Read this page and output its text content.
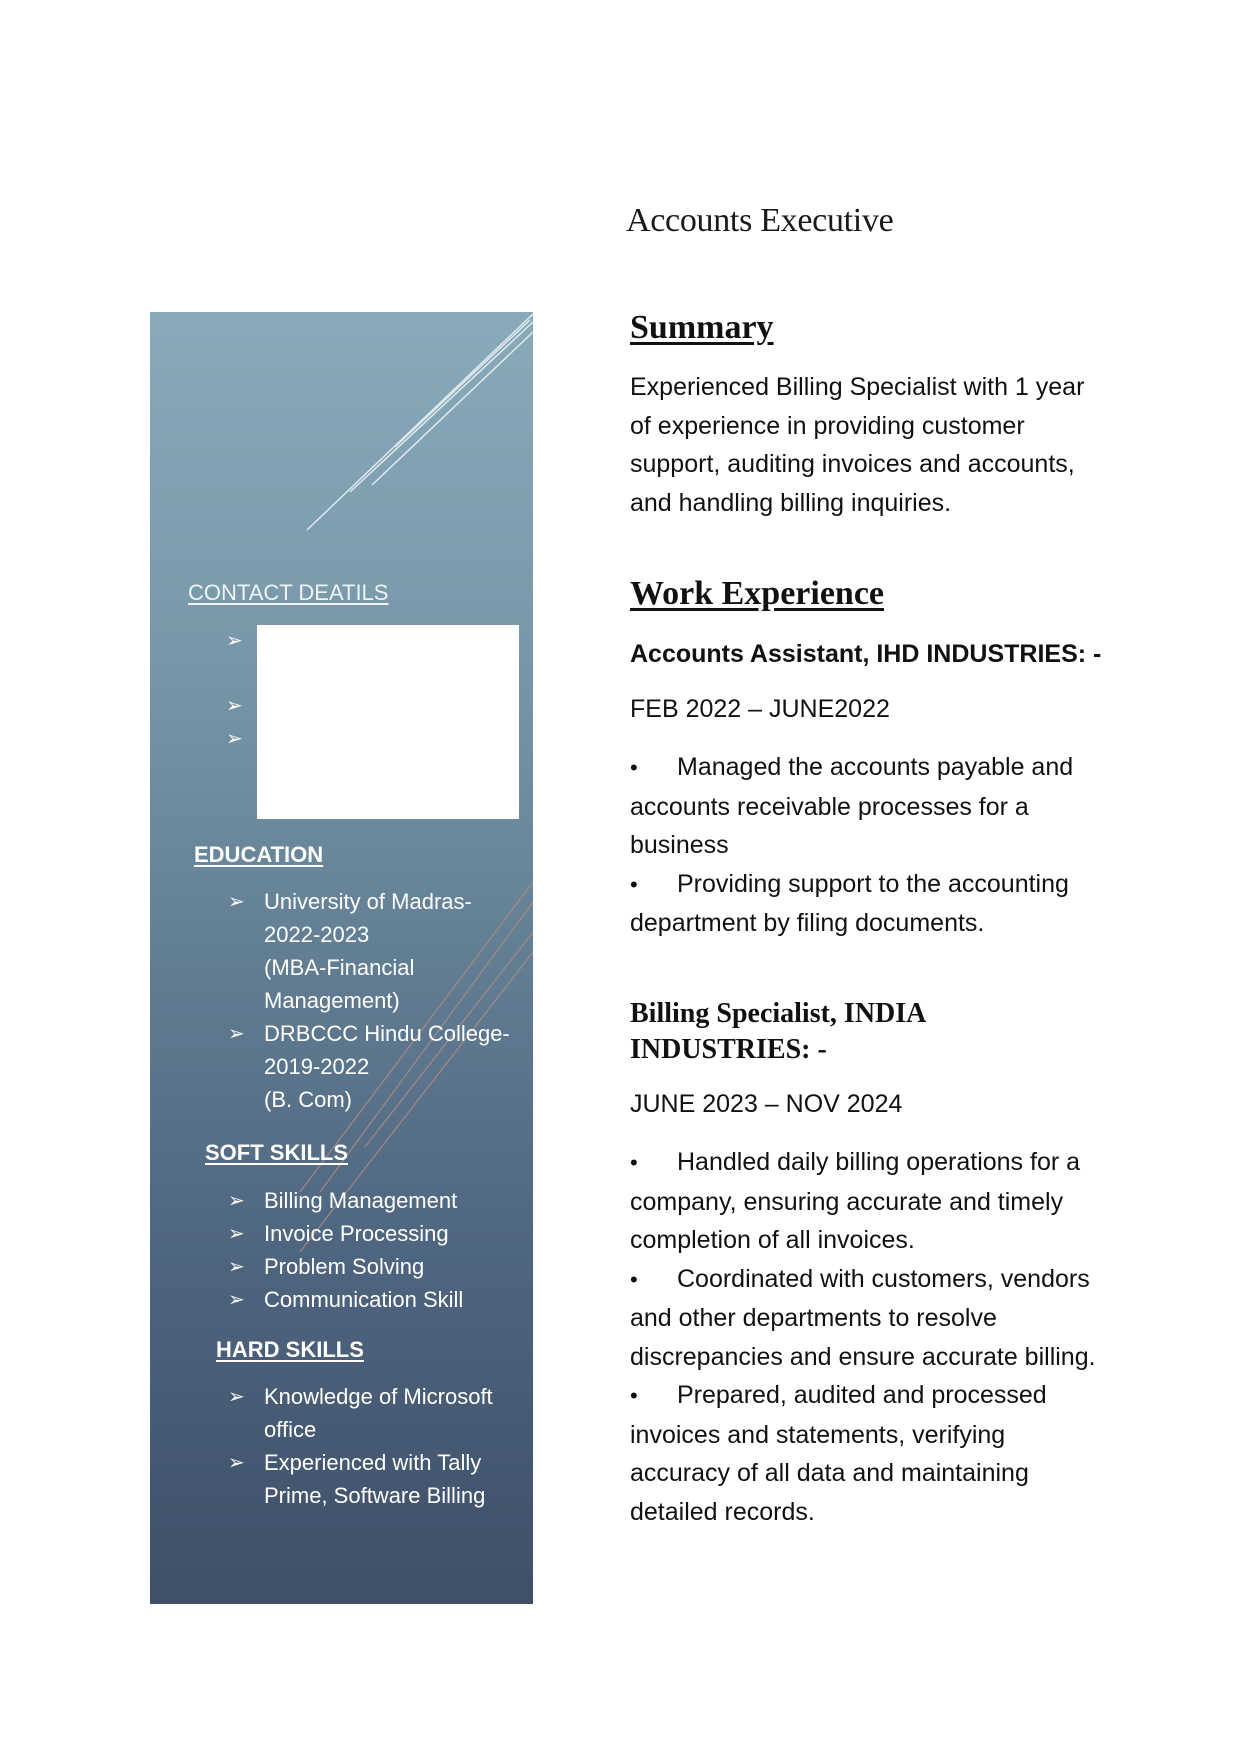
Accounts Executive
CONTACT DEATILS
➢
➢
➢
EDUCATION
➢ University of Madras-
2022-2023
(MBA-Financial
Management)
➢ DRBCCC Hindu College-
2019-2022
(B. Com)
SOFT SKILLS
➢ Billing Management
➢ Invoice Processing
➢ Problem Solving
➢ Communication Skill
HARD SKILLS
➢ Knowledge of Microsoft
office
➢ Experienced with Tally
Prime, Software Billing
Summary

Experienced Billing Specialist with 1 year of experience in providing customer support, auditing invoices and accounts, and handling billing inquiries.

Work Experience

Accounts Assistant, IHD INDUSTRIES: -

FEB 2022 – JUNE2022

• Managed the accounts payable and accounts receivable processes for a business
• Providing support to the accounting department by filing documents.

Billing Specialist, INDIA INDUSTRIES: -

JUNE 2023 – NOV 2024

• Handled daily billing operations for a company, ensuring accurate and timely completion of all invoices.
• Coordinated with customers, vendors and other departments to resolve discrepancies and ensure accurate billing.
• Prepared, audited and processed invoices and statements, verifying accuracy of all data and maintaining detailed records.
